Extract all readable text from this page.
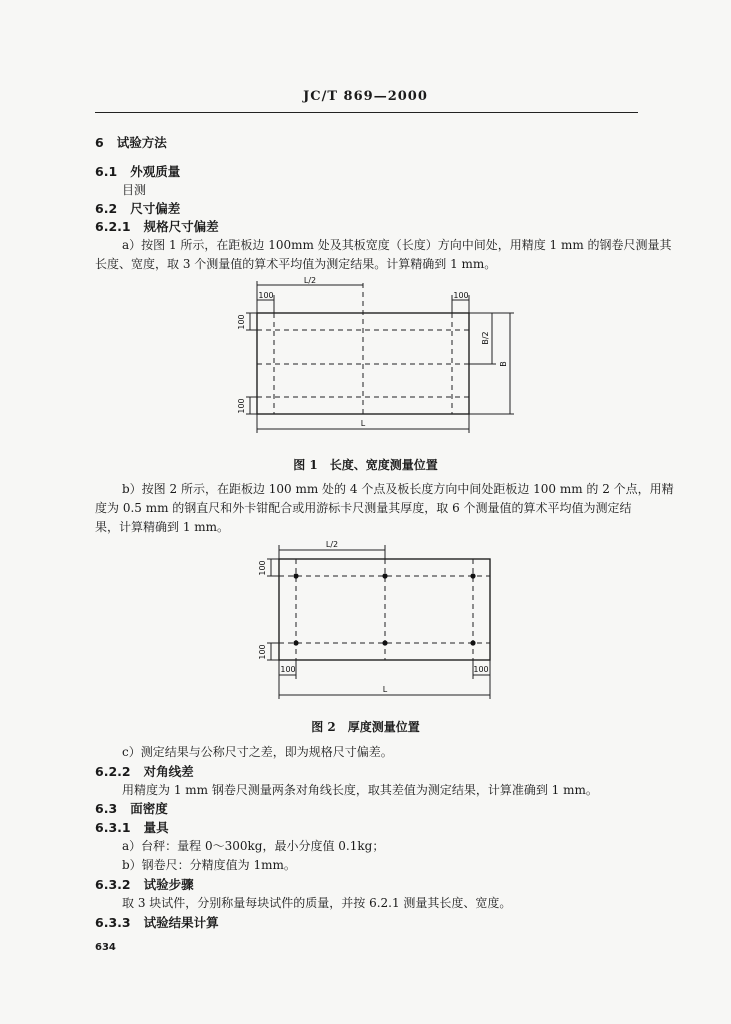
JC/T 869—2000
6 试验方法
6.1 外观质量
目测
6.2 尺寸偏差
6.2.1 规格尺寸偏差
a）按图 1 所示，在距板边 100mm 处及其板宽度（长度）方向中间处，用精度 1 mm 的钢卷尺测量其
长度、宽度，取 3 个测量值的算术平均值为测定结果。计算精确到 1 mm。
L/2
100	100
100
100
B/2
B
L
图 1　长度、宽度测量位置
b）按图 2 所示，在距板边 100 mm 处的 4 个点及板长度方向中间处距板边 100 mm 的 2 个点，用精
度为 0.5 mm 的钢直尺和外卡钳配合或用游标卡尺测量其厚度，取 6 个测量值的算术平均值为测定结
果，计算精确到 1 mm。
L/2
100
100
100	100
L
图 2　厚度测量位置
c）测定结果与公称尺寸之差，即为规格尺寸偏差。
6.2.2 对角线差
用精度为 1 mm 钢卷尺测量两条对角线长度，取其差值为测定结果，计算准确到 1 mm。
6.3 面密度
6.3.1 量具
a）台秤：量程 0～300kg，最小分度值 0.1kg；
b）钢卷尺：分精度值为 1mm。
6.3.2 试验步骤
取 3 块试件，分别称量每块试件的质量，并按 6.2.1 测量其长度、宽度。
6.3.3 试验结果计算
634
